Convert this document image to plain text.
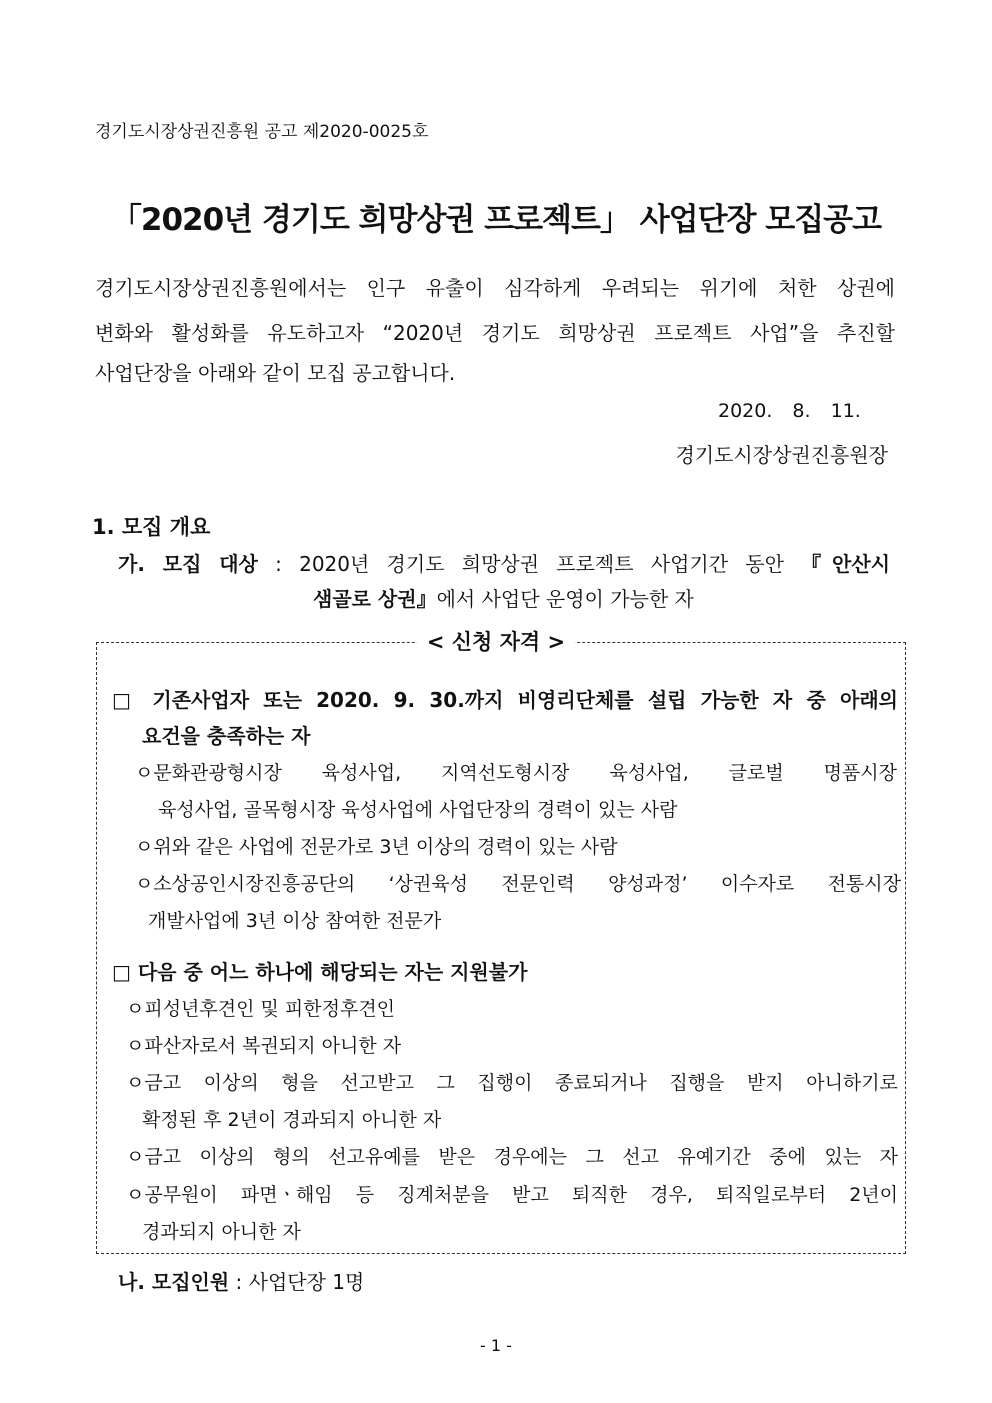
경기도시장상권진흥원 공고 제2020-0025호
「2020년 경기도 희망상권 프로젝트」 사업단장 모집공고
경기도시장상권진흥원에서는 인구 유출이 심각하게 우려되는 위기에 처한 상권에
변화와 활성화를 유도하고자 “2020년 경기도 희망상권 프로젝트 사업”을 추진할
사업단장을 아래와 같이 모집 공고합니다.
2020. 8. 11.
경기도시장상권진흥원장
1. 모집 개요
가. 모집 대상 : 2020년 경기도 희망상권 프로젝트 사업기간 동안 『안산시
샘골로 상권』에서 사업단 운영이 가능한 자
< 신청 자격 >
□ 기존사업자 또는 2020. 9. 30.까지 비영리단체를 설립 가능한 자 중 아래의
요건을 충족하는 자
ㅇ문화관광형시장 육성사업, 지역선도형시장 육성사업, 글로벌 명품시장
육성사업, 골목형시장 육성사업에 사업단장의 경력이 있는 사람
ㅇ위와 같은 사업에 전문가로 3년 이상의 경력이 있는 사람
ㅇ소상공인시장진흥공단의 ‘상권육성 전문인력 양성과정’ 이수자로 전통시장
개발사업에 3년 이상 참여한 전문가
□ 다음 중 어느 하나에 해당되는 자는 지원불가
ㅇ피성년후견인 및 피한정후견인
ㅇ파산자로서 복권되지 아니한 자
ㅇ금고 이상의 형을 선고받고 그 집행이 종료되거나 집행을 받지 아니하기로
확정된 후 2년이 경과되지 아니한 자
ㅇ금고 이상의 형의 선고유예를 받은 경우에는 그 선고 유예기간 중에 있는 자
ㅇ공무원이 파면ㆍ해임 등 징계처분을 받고 퇴직한 경우, 퇴직일로부터 2년이
경과되지 아니한 자
나. 모집인원 : 사업단장 1명
- 1 -
